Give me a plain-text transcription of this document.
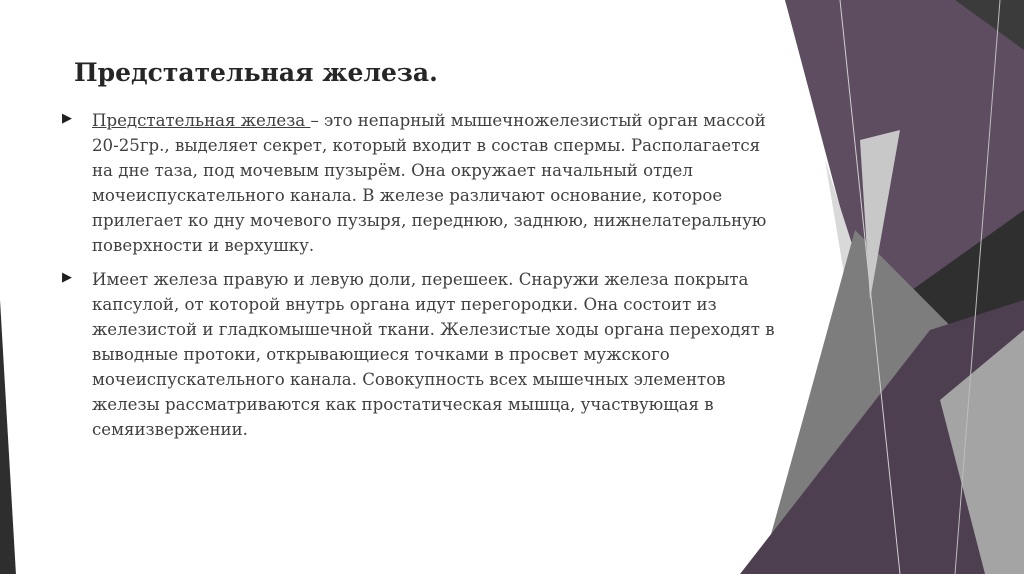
Предстательная железа.
▶ Предстательная железа – это непарный мышечножелезистый орган массой 20-25гр., выделяет секрет, который входит в состав спермы. Располагается на дне таза, под мочевым пузырём. Она окружает начальный отдел мочеиспускательного канала. В железе различают основание, которое прилегает ко дну мочевого пузыря, переднюю, заднюю, нижнелатеральную поверхности и верхушку.
▶ Имеет железа правую и левую доли, перешеек. Снаружи железа покрыта капсулой, от которой внутрь органа идут перегородки. Она состоит из железистой и гладкомышечной ткани. Железистые ходы органа переходят в выводные протоки, открывающиеся точками в просвет мужского мочеиспускательного канала. Совокупность всех мышечных элементов железы рассматриваются как простатическая мышца, участвующая в семяизвержении.
